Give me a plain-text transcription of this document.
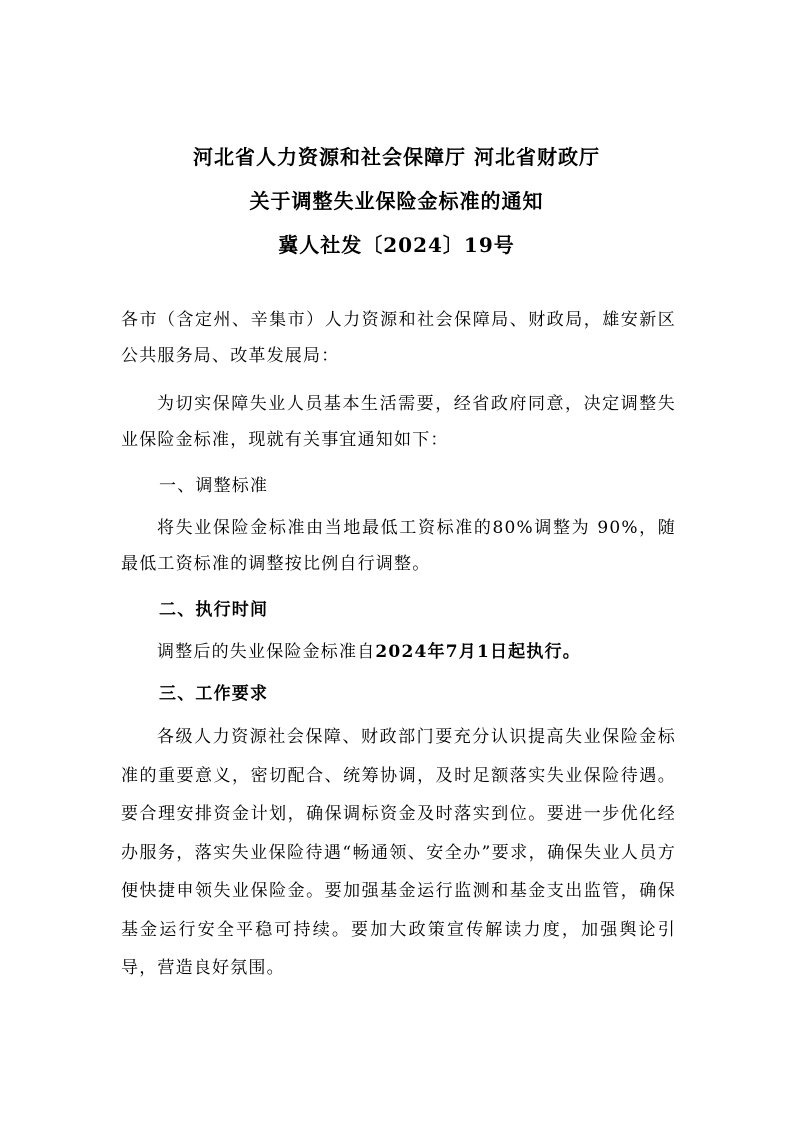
河北省人力资源和社会保障厅 河北省财政厅
关于调整失业保险金标准的通知
冀人社发〔2024〕19号
各市（含定州、辛集市）人力资源和社会保障局、财政局，雄安新区公共服务局、改革发展局：
为切实保障失业人员基本生活需要，经省政府同意，决定调整失业保险金标准，现就有关事宜通知如下：
一、调整标准
将失业保险金标准由当地最低工资标准的80%调整为 90%，随最低工资标准的调整按比例自行调整。
二、执行时间
调整后的失业保险金标准自2024年7月1日起执行。
三、工作要求
各级人力资源社会保障、财政部门要充分认识提高失业保险金标准的重要意义，密切配合、统筹协调，及时足额落实失业保险待遇。要合理安排资金计划，确保调标资金及时落实到位。要进一步优化经办服务，落实失业保险待遇“畅通领、安全办”要求，确保失业人员方便快捷申领失业保险金。要加强基金运行监测和基金支出监管，确保基金运行安全平稳可持续。要加大政策宣传解读力度，加强舆论引导，营造良好氛围。
